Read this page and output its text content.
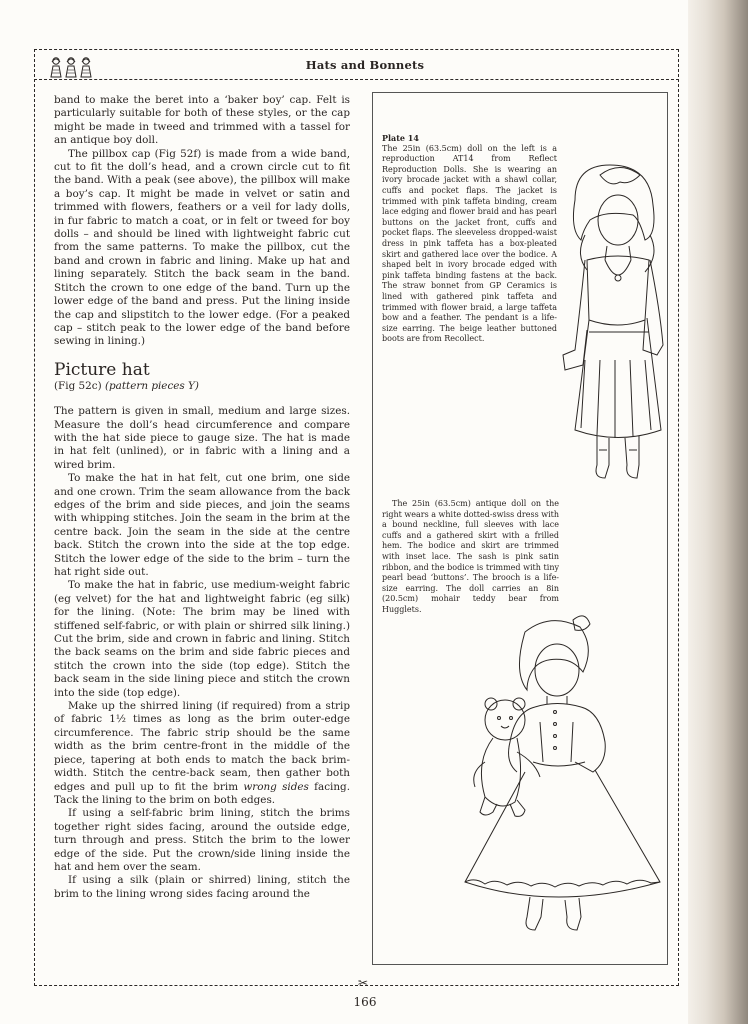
Hats and Bonnets

band to make the beret into a ‘baker boy’ cap. Felt is particularly suitable for both of these styles, or the cap might be made in tweed and trimmed with a tassel for an antique boy doll.

The pillbox cap (Fig 52f) is made from a wide band, cut to fit the doll’s head, and a crown circle cut to fit the band. With a peak (see above), the pillbox will make a boy’s cap. It might be made in velvet or satin and trimmed with flowers, feathers or a veil for lady dolls, in fur fabric to match a coat, or in felt or tweed for boy dolls – and should be lined with lightweight fabric cut from the same patterns. To make the pillbox, cut the band and crown in fabric and lining. Make up hat and lining separately. Stitch the back seam in the band. Stitch the crown to one edge of the band. Turn up the lower edge of the band and press. Put the lining inside the cap and slipstitch to the lower edge. (For a peaked cap – stitch peak to the lower edge of the band before sewing in lining.)

Picture hat

(Fig 52c) (pattern pieces Y)

The pattern is given in small, medium and large sizes. Measure the doll’s head circumference and compare with the hat side piece to gauge size. The hat is made in hat felt (unlined), or in fabric with a lining and a wired brim.

To make the hat in hat felt, cut one brim, one side and one crown. Trim the seam allowance from the back edges of the brim and side pieces, and join the seams with whipping stitches. Join the seam in the brim at the centre back. Join the seam in the side at the centre back. Stitch the crown into the side at the top edge. Stitch the lower edge of the side to the brim – turn the hat right side out.

To make the hat in fabric, use medium-weight fabric (eg velvet) for the hat and lightweight fabric (eg silk) for the lining. (Note: The brim may be lined with stiffened self-fabric, or with plain or shirred silk lining.) Cut the brim, side and crown in fabric and lining. Stitch the back seams on the brim and side fabric pieces and stitch the crown into the side (top edge). Stitch the back seam in the side lining piece and stitch the crown into the side (top edge).

Make up the shirred lining (if required) from a strip of fabric 1½ times as long as the brim outer-edge circumference. The fabric strip should be the same width as the brim centre-front in the middle of the piece, tapering at both ends to match the back brim-width. Stitch the centre-back seam, then gather both edges and pull up to fit the brim wrong sides facing. Tack the lining to the brim on both edges.

If using a self-fabric brim lining, stitch the brims together right sides facing, around the outside edge, turn through and press. Stitch the brim to the lower edge of the side. Put the crown/side lining inside the hat and hem over the seam.

If using a silk (plain or shirred) lining, stitch the brim to the lining wrong sides facing around the

Plate 14
The 25in (63.5cm) doll on the left is a reproduction AT14 from Reflect Reproduction Dolls. She is wearing an ivory brocade jacket with a shawl collar, cuffs and pocket flaps. The jacket is trimmed with pink taffeta binding, cream lace edging and flower braid and has pearl buttons on the jacket front, cuffs and pocket flaps. The sleeveless dropped-waist dress in pink taffeta has a box-pleated skirt and gathered lace over the bodice. A shaped belt in ivory brocade edged with pink taffeta binding fastens at the back. The straw bonnet from GP Ceramics is lined with gathered pink taffeta and trimmed with flower braid, a large taffeta bow and a feather. The pendant is a life-size earring. The beige leather buttoned boots are from Recollect.
The 25in (63.5cm) antique doll on the right wears a white dotted-swiss dress with a bound neckline, full sleeves with lace cuffs and a gathered skirt with a frilled hem. The bodice and skirt are trimmed with inset lace. The sash is pink satin ribbon, and the bodice is trimmed with tiny pearl bead ‘buttons’. The brooch is a life-size earring. The doll carries an 8in (20.5cm) mohair teddy bear from Hugglets.
✂
166
